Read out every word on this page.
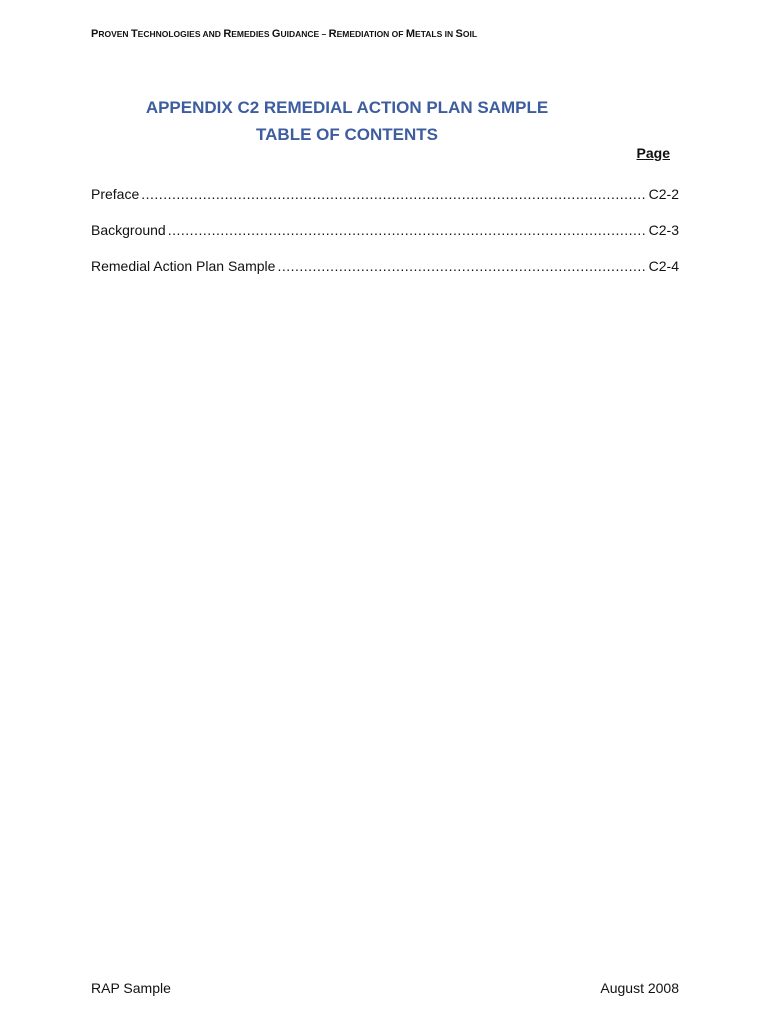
PROVEN TECHNOLOGIES AND REMEDIES GUIDANCE – REMEDIATION OF METALS IN SOIL
APPENDIX C2 REMEDIAL ACTION PLAN SAMPLE
TABLE OF CONTENTS
Page
Preface .....	C2-2
Background .....	C2-3
Remedial Action Plan Sample .....	C2-4
RAP Sample	August 2008
